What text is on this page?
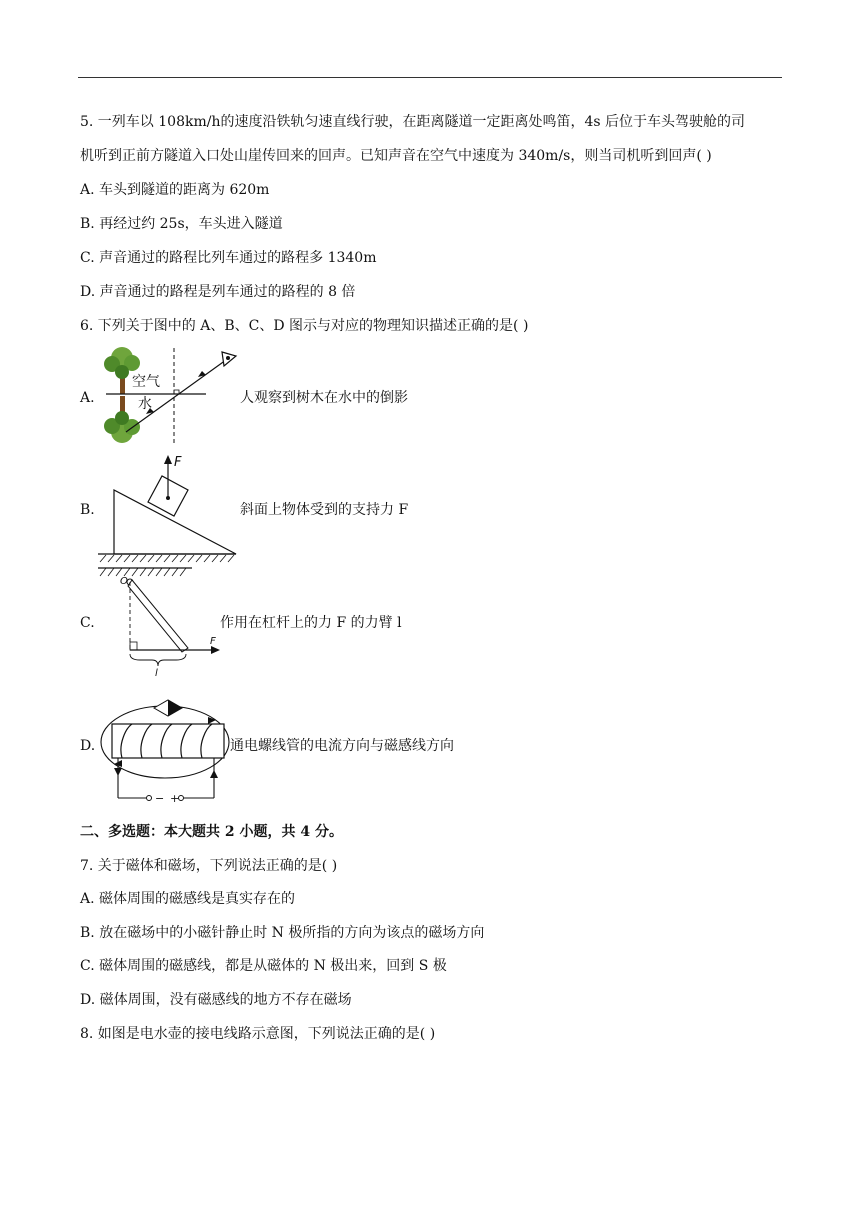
5. 一列车以 108km/h的速度沿铁轨匀速直线行驶，在距离隧道一定距离处鸣笛，4s 后位于车头驾驶舱的司
机听到正前方隧道入口处山崖传回来的回声。已知声音在空气中速度为 340m/s，则当司机听到回声( )
A. 车头到隧道的距离为 620m
B. 再经过约 25s，车头进入隧道
C. 声音通过的路程比列车通过的路程多 1340m
D. 声音通过的路程是列车通过的路程的 8 倍
6. 下列关于图中的 A、B、C、D 图示与对应的物理知识描述正确的是( )
A.
空气
水	人观察到树木在水中的倒影
B.
F
斜面上物体受到的支持力 F
C.
O
F
l
作用在杠杆上的力 F 的力臂 l
D.
− +
通电螺线管的电流方向与磁感线方向
二、多选题：本大题共 2 小题，共 4 分。
7. 关于磁体和磁场，下列说法正确的是( )
A. 磁体周围的磁感线是真实存在的
B. 放在磁场中的小磁针静止时 N 极所指的方向为该点的磁场方向
C. 磁体周围的磁感线，都是从磁体的 N 极出来，回到 S 极
D. 磁体周围，没有磁感线的地方不存在磁场
8. 如图是电水壶的接电线路示意图，下列说法正确的是( )
